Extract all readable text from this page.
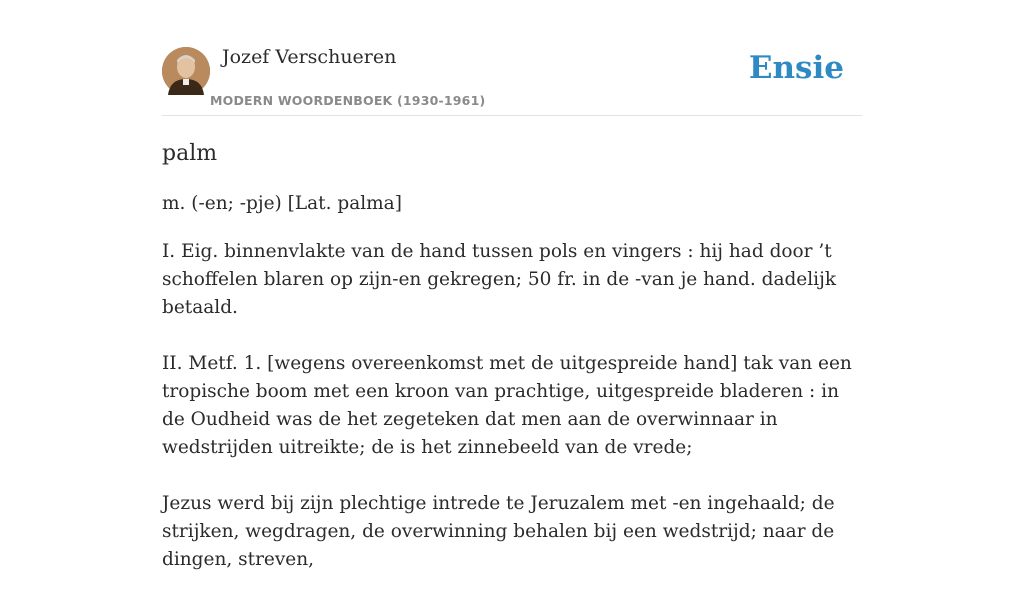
Jozef Verschueren
MODERN WOORDENBOEK (1930-1961)
Ensie
palm
m. (-en; -pje) [Lat. palma]

I. Eig. binnenvlakte van de hand tussen pols en vingers : hij had door ’t schoffelen blaren op zijn-en gekregen; 50 fr. in de -van je hand. dadelijk betaald.

II. Metf. 1. [wegens overeenkomst met de uitgespreide hand] tak van een tropische boom met een kroon van prachtige, uitgespreide bladeren : in de Oudheid was de het zegeteken dat men aan de overwinnaar in wedstrijden uitreikte; de is het zinnebeeld van de vrede;

Jezus werd bij zijn plechtige intrede te Jeruzalem met -en ingehaald; de strijken, wegdragen, de overwinning behalen bij een wedstrijd; naar de dingen, streven,
